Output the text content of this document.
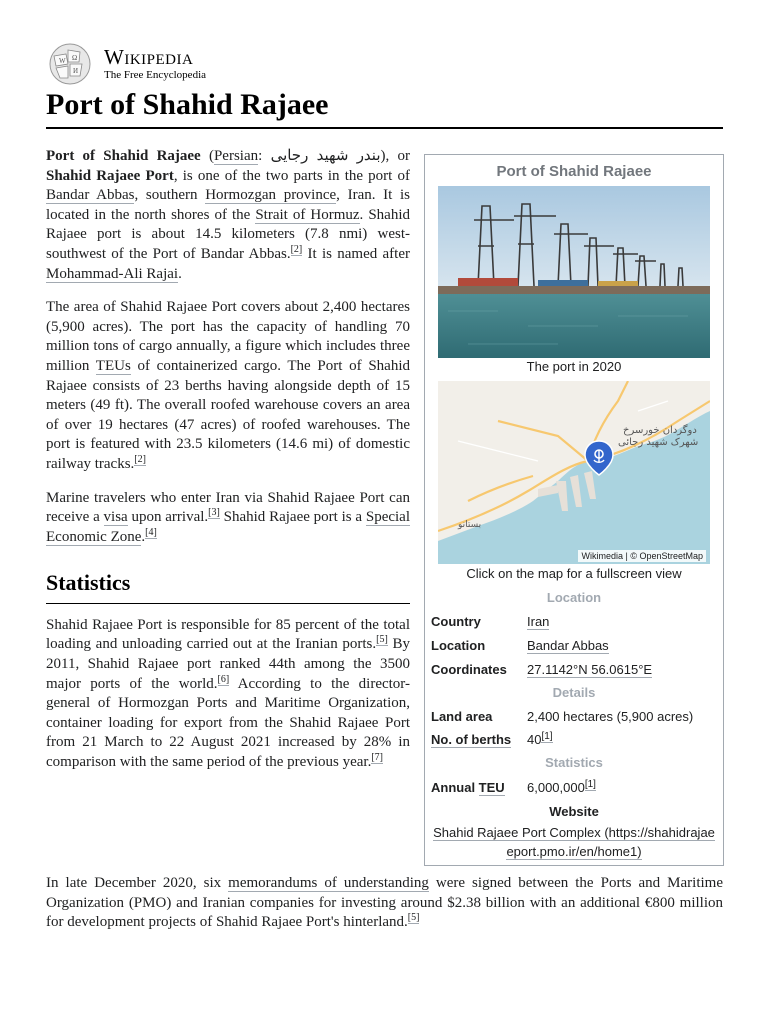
W Ω
И
Wikipedia
The Free Encyclopedia
Port of Shahid Rajaee

Port of Shahid Rajaee (Persian: بندر شهید رجایی), or Shahid Rajaee Port, is one of the two parts in the port of Bandar Abbas, southern Hormozgan province, Iran. It is located in the north shores of the Strait of Hormuz. Shahid Rajaee port is about 14.5 kilometers (7.8 nmi) west-southwest of the Port of Bandar Abbas.[2] It is named after Mohammad-Ali Rajai.

The area of Shahid Rajaee Port covers about 2,400 hectares (5,900 acres). The port has the capacity of handling 70 million tons of cargo annually, a figure which includes three million TEUs of containerized cargo. The Port of Shahid Rajaee consists of 23 berths having alongside depth of 15 meters (49 ft). The overall roofed warehouse covers an area of over 19 hectares (47 acres) of roofed warehouses. The port is featured with 23.5 kilometers (14.6 mi) of domestic railway tracks.[2]

Marine travelers who enter Iran via Shahid Rajaee Port can receive a visa upon arrival.[3] Shahid Rajaee port is a Special Economic Zone.[4]

Statistics

Shahid Rajaee Port is responsible for 85 percent of the total loading and unloading carried out at the Iranian ports.[5] By 2011, Shahid Rajaee port ranked 44th among the 3500 major ports of the world.[6] According to the director-general of Hormozgan Ports and Maritime Organization, container loading for export from the Shahid Rajaee Port from 21 March to 22 August 2021 increased by 28% in comparison with the same period of the previous year.[7]

In late December 2020, six memorandums of understanding were signed between the Ports and Maritime Organization (PMO) and Iranian companies for investing around $2.38 billion with an additional €800 million for development projects of Shahid Rajaee Port's hinterland.[5]

Port of Shahid Rajaee
The port in 2020
دوگردان خورسرخ
شهرک شهید رجائی
بستانو
Wikimedia | © OpenStreetMap
Click on the map for a fullscreen view
Location
Country	Iran
Location	Bandar Abbas
Coordinates	27.1142°N 56.0615°E
Details
Land area	2,400 hectares (5,900 acres)
No. of berths	40[1]
Statistics
Annual TEU	6,000,000[1]
Website
Shahid Rajaee Port Complex (https://shahidrajaeeport.pmo.ir/en/home1)
